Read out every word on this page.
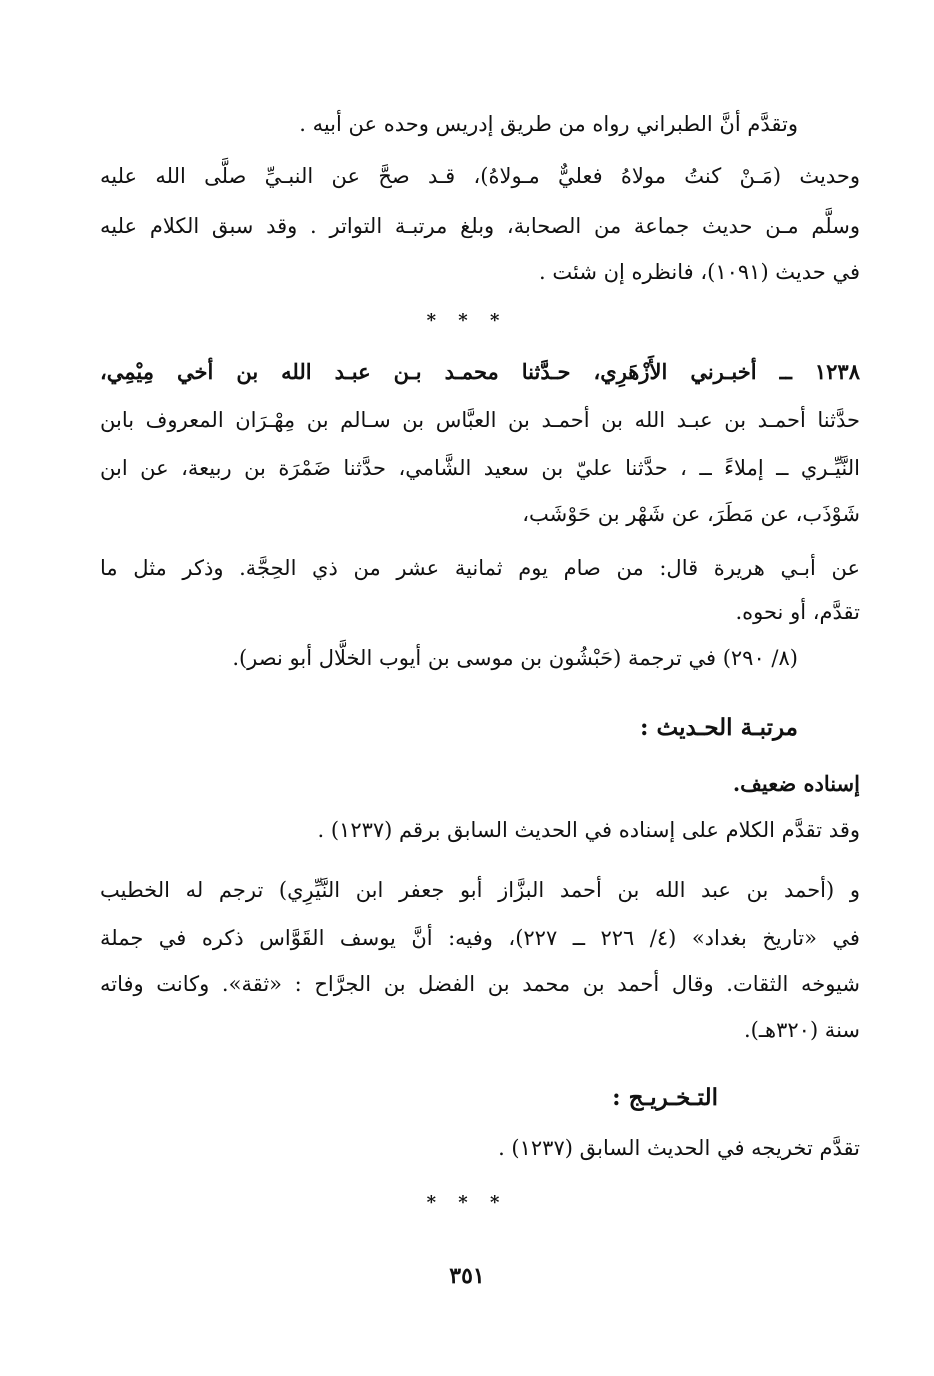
وتقدَّم أنَّ الطبراني رواه من طريق إدريس وحده عن أبيه .

وحديث (مَـنْ كنتُ مولاهُ فعليٌّ مـولاهُ)، قـد صحَّ عن النبـيِّ صلَّى الله عليه

وسلَّم مـن حديث جماعة من الصحابة، وبلغ مرتبـة التواتر . وقد سبق الكلام عليه

في حديث (١٠٩١)، فانظره إن شئت .

* * *

١٢٣٨ ــ أخبـرني الأَزْهَرِي، حـدَّثنا محمـد بـن عبـد الله بن أخي مِيْمِي،

حدَّثنا أحمـد بن عبـد الله بن أحمـد بن العبَّاس بن سـالم بن مِهْـرَان المعروف بابن

النَّيِّـري ــ إملاءً ــ ، حدَّثنا عليّ بن سعيد الشَّامي، حدَّثنا ضَمْرَة بن ربيعة، عن ابن

شَوْذَب، عن مَطَرَ، عن شَهْر بن حَوْشَب،

عن أبـي هريرة قال: من صام يوم ثمانية عشر من ذي الحِجَّة. وذكر مثل ما

تقدَّم، أو نحوه.

(٨/ ٢٩٠) في ترجمة (حَبْشُون بن موسى بن أيوب الخلَّال أبو نصر).

مرتبـة الحـديث :

إسناده ضعيف.

وقد تقدَّم الكلام على إسناده في الحديث السابق برقم (١٢٣٧) .

و (أحمد بن عبد الله بن أحمد البزَّاز أبو جعفر ابن النَّيِّرِي) ترجم له الخطيب

في «تاريخ بغداد» (٤/ ٢٢٦ ــ ٢٢٧)، وفيه: أنَّ يوسف القَوَّاس ذكره في جملة

شيوخه الثقات. وقال أحمد بن محمد بن الفضل بن الجرَّاح : «ثقة». وكانت وفاته

سنة (٣٢٠هـ).

التـخـريـج :

تقدَّم تخريجه في الحديث السابق (١٢٣٧) .

* * *
٣٥١
